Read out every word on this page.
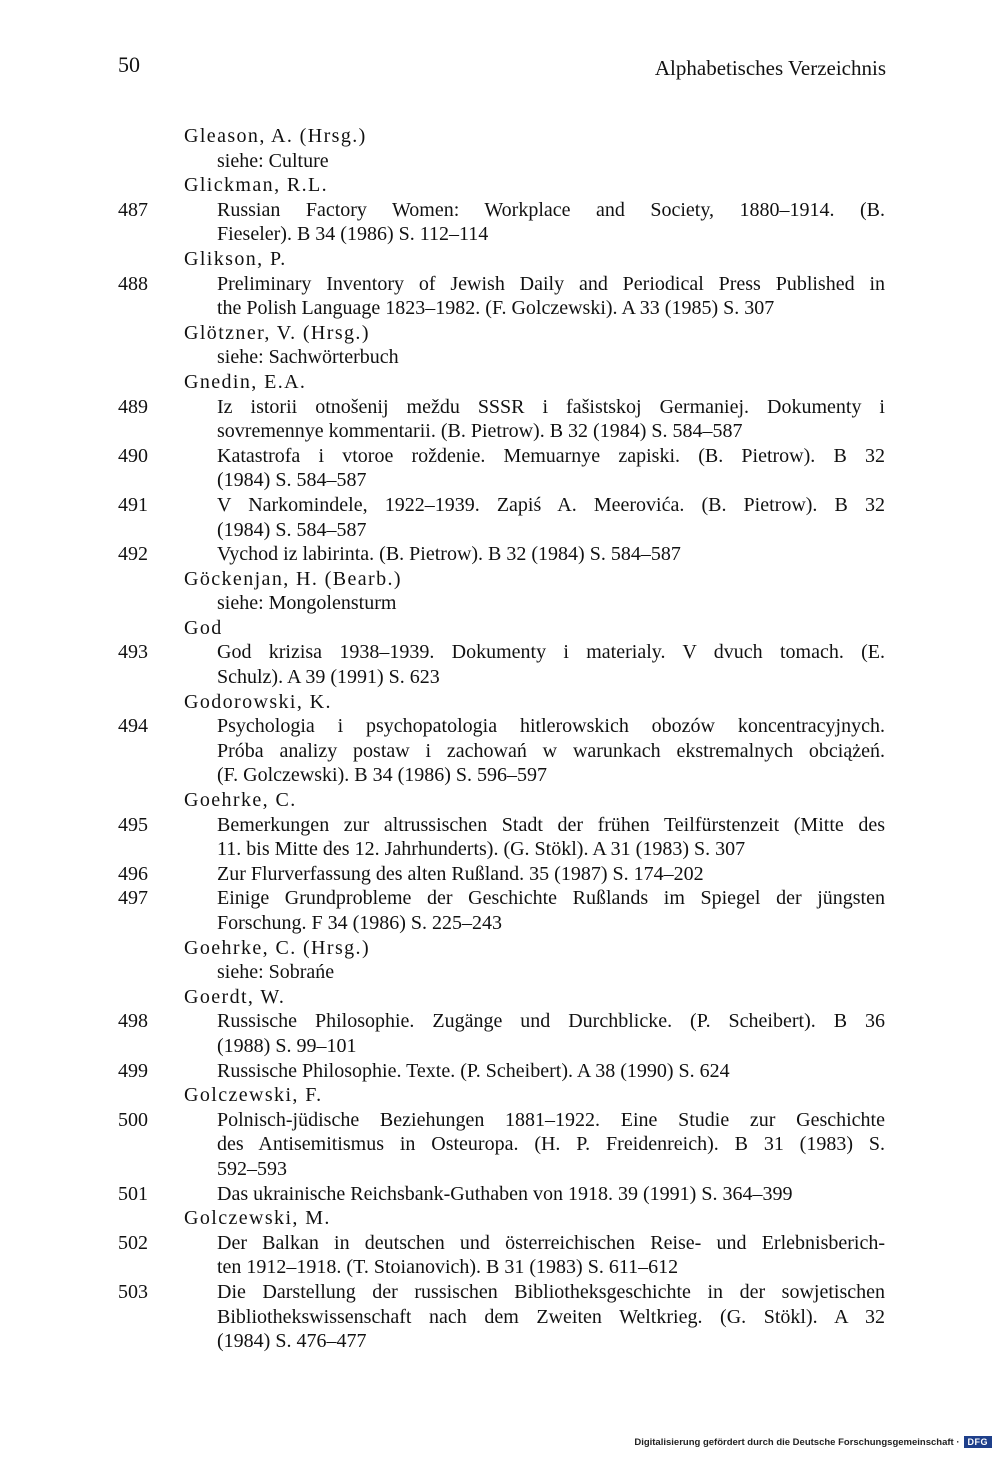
50	Alphabetisches Verzeichnis
Gleason, A. (Hrsg.)
siehe: Culture
Glickman, R.L.
487	Russian Factory Women: Workplace and Society, 1880–1914. (B.
Fieseler). B 34 (1986) S. 112–114
Glikson, P.
488	Preliminary Inventory of Jewish Daily and Periodical Press Published in
the Polish Language 1823–1982. (F. Golczewski). A 33 (1985) S. 307
Glötzner, V. (Hrsg.)
siehe: Sachwörterbuch
Gnedin, E.A.
489	Iz istorii otnošenij meždu SSSR i fašistskoj Germaniej. Dokumenty i
sovremennye kommentarii. (B. Pietrow). B 32 (1984) S. 584–587
490	Katastrofa i vtoroe roždenie. Memuarnye zapiski. (B. Pietrow). B 32
(1984) S. 584–587
491	V Narkomindele, 1922–1939. Zapiś A. Meerovića. (B. Pietrow). B 32
(1984) S. 584–587
492	Vychod iz labirinta. (B. Pietrow). B 32 (1984) S. 584–587
Göckenjan, H. (Bearb.)
siehe: Mongolensturm
God
493	God krizisa 1938–1939. Dokumenty i materialy. V dvuch tomach. (E.
Schulz). A 39 (1991) S. 623
Godorowski, K.
494	Psychologia i psychopatologia hitlerowskich obozów koncentracyjnych.
Próba analizy postaw i zachowań w warunkach ekstremalnych obciążeń.
(F. Golczewski). B 34 (1986) S. 596–597
Goehrke, C.
495	Bemerkungen zur altrussischen Stadt der frühen Teilfürstenzeit (Mitte des
11. bis Mitte des 12. Jahrhunderts). (G. Stökl). A 31 (1983) S. 307
496	Zur Flurverfassung des alten Rußland. 35 (1987) S. 174–202
497	Einige Grundprobleme der Geschichte Rußlands im Spiegel der jüngsten
Forschung. F 34 (1986) S. 225–243
Goehrke, C. (Hrsg.)
siehe: Sobrańe
Goerdt, W.
498	Russische Philosophie. Zugänge und Durchblicke. (P. Scheibert). B 36
(1988) S. 99–101
499	Russische Philosophie. Texte. (P. Scheibert). A 38 (1990) S. 624
Golczewski, F.
500	Polnisch-jüdische Beziehungen 1881–1922. Eine Studie zur Geschichte
des Antisemitismus in Osteuropa. (H. P. Freidenreich). B 31 (1983) S.
592–593
501	Das ukrainische Reichsbank-Guthaben von 1918. 39 (1991) S. 364–399
Golczewski, M.
502	Der Balkan in deutschen und österreichischen Reise- und Erlebnisberich-
ten 1912–1918. (T. Stoianovich). B 31 (1983) S. 611–612
503	Die Darstellung der russischen Bibliotheksgeschichte in der sowjetischen
Bibliothekswissenschaft nach dem Zweiten Weltkrieg. (G. Stökl). A 32
(1984) S. 476–477
Digitalisierung gefördert durch die Deutsche Forschungsgemeinschaft · DFG
